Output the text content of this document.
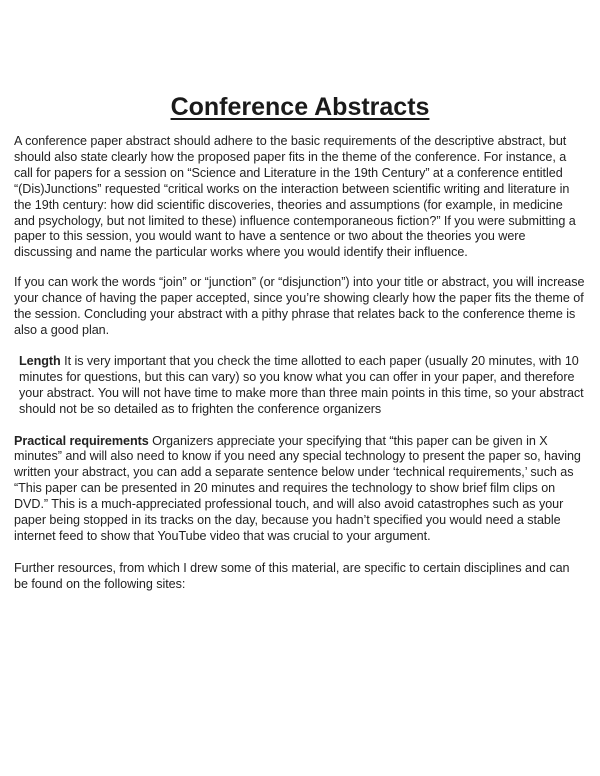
Conference Abstracts

A conference paper abstract should adhere to the basic requirements of the descriptive abstract, but should also state clearly how the proposed paper fits in the theme of the conference. For instance, a call for papers for a session on “Science and Literature in the 19th Century” at a conference entitled “(Dis)Junctions” requested “critical works on the interaction between scientific writing and literature in the 19th century: how did scientific discoveries, theories and assumptions (for example, in medicine and psychology, but not limited to these) influence contemporaneous fiction?” If you were submitting a paper to this session, you would want to have a sentence or two about the theories you were discussing and name the particular works where you would identify their influence.

If you can work the words “join” or “junction” (or “disjunction”) into your title or abstract, you will increase your chance of having the paper accepted, since you’re showing clearly how the paper fits the theme of the session. Concluding your abstract with a pithy phrase that relates back to the conference theme is also a good plan.

Length It is very important that you check the time allotted to each paper (usually 20 minutes, with 10 minutes for questions, but this can vary) so you know what you can offer in your paper, and therefore your abstract. You will not have time to make more than three main points in this time, so your abstract should not be so detailed as to frighten the conference organizers

Practical requirements Organizers appreciate your specifying that “this paper can be given in X minutes” and will also need to know if you need any special technology to present the paper so, having written your abstract, you can add a separate sentence below under ‘technical requirements,’ such as “This paper can be presented in 20 minutes and requires the technology to show brief film clips on DVD.” This is a much-appreciated professional touch, and will also avoid catastrophes such as your paper being stopped in its tracks on the day, because you hadn’t specified you would need a stable internet feed to show that YouTube video that was crucial to your argument.

Further resources, from which I drew some of this material, are specific to certain disciplines and can be found on the following sites:
